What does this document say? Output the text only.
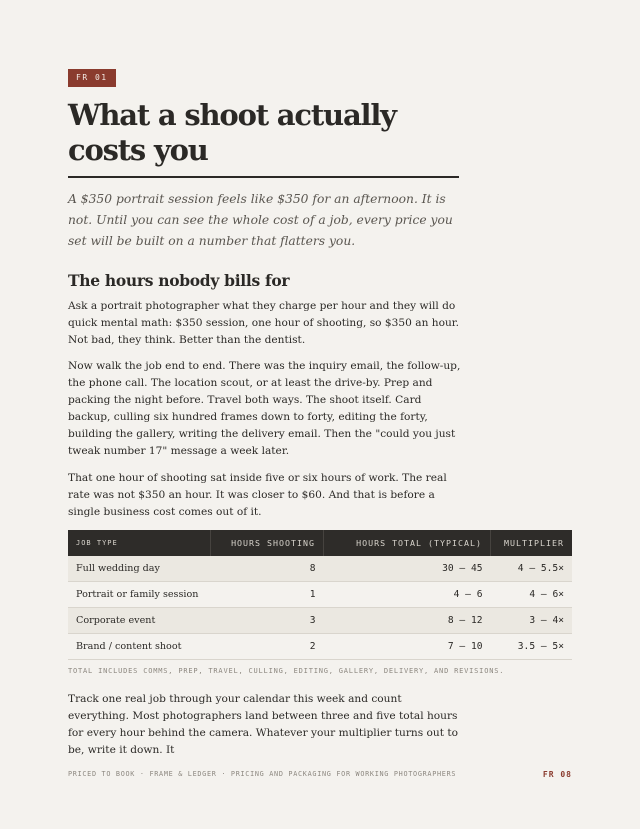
FR 01
What a shoot actually costs you

A $350 portrait session feels like $350 for an afternoon. It is not. Until you can see the whole cost of a job, every price you set will be built on a number that flatters you.

The hours nobody bills for

Ask a portrait photographer what they charge per hour and they will do quick mental math: $350 session, one hour of shooting, so $350 an hour. Not bad, they think. Better than the dentist.

Now walk the job end to end. There was the inquiry email, the follow-up, the phone call. The location scout, or at least the drive-by. Prep and packing the night before. Travel both ways. The shoot itself. Card backup, culling six hundred frames down to forty, editing the forty, building the gallery, writing the delivery email. Then the "could you just tweak number 17" message a week later.

That one hour of shooting sat inside five or six hours of work. The real rate was not $350 an hour. It was closer to $60. And that is before a single business cost comes out of it.

JOB TYPE	HOURS SHOOTING	HOURS TOTAL (TYPICAL)	MULTIPLIER
Full wedding day	8	30 – 45	4 – 5.5×
Portrait or family session	1	4 – 6	4 – 6×
Corporate event	3	8 – 12	3 – 4×
Brand / content shoot	2	7 – 10	3.5 – 5×
TOTAL INCLUDES COMMS, PREP, TRAVEL, CULLING, EDITING, GALLERY, DELIVERY, AND REVISIONS.

Track one real job through your calendar this week and count everything. Most photographers land between three and five total hours for every hour behind the camera. Whatever your multiplier turns out to be, write it down. It

PRICED TO BOOK · FRAME & LEDGER · PRICING AND PACKAGING FOR WORKING PHOTOGRAPHERS	FR 08
